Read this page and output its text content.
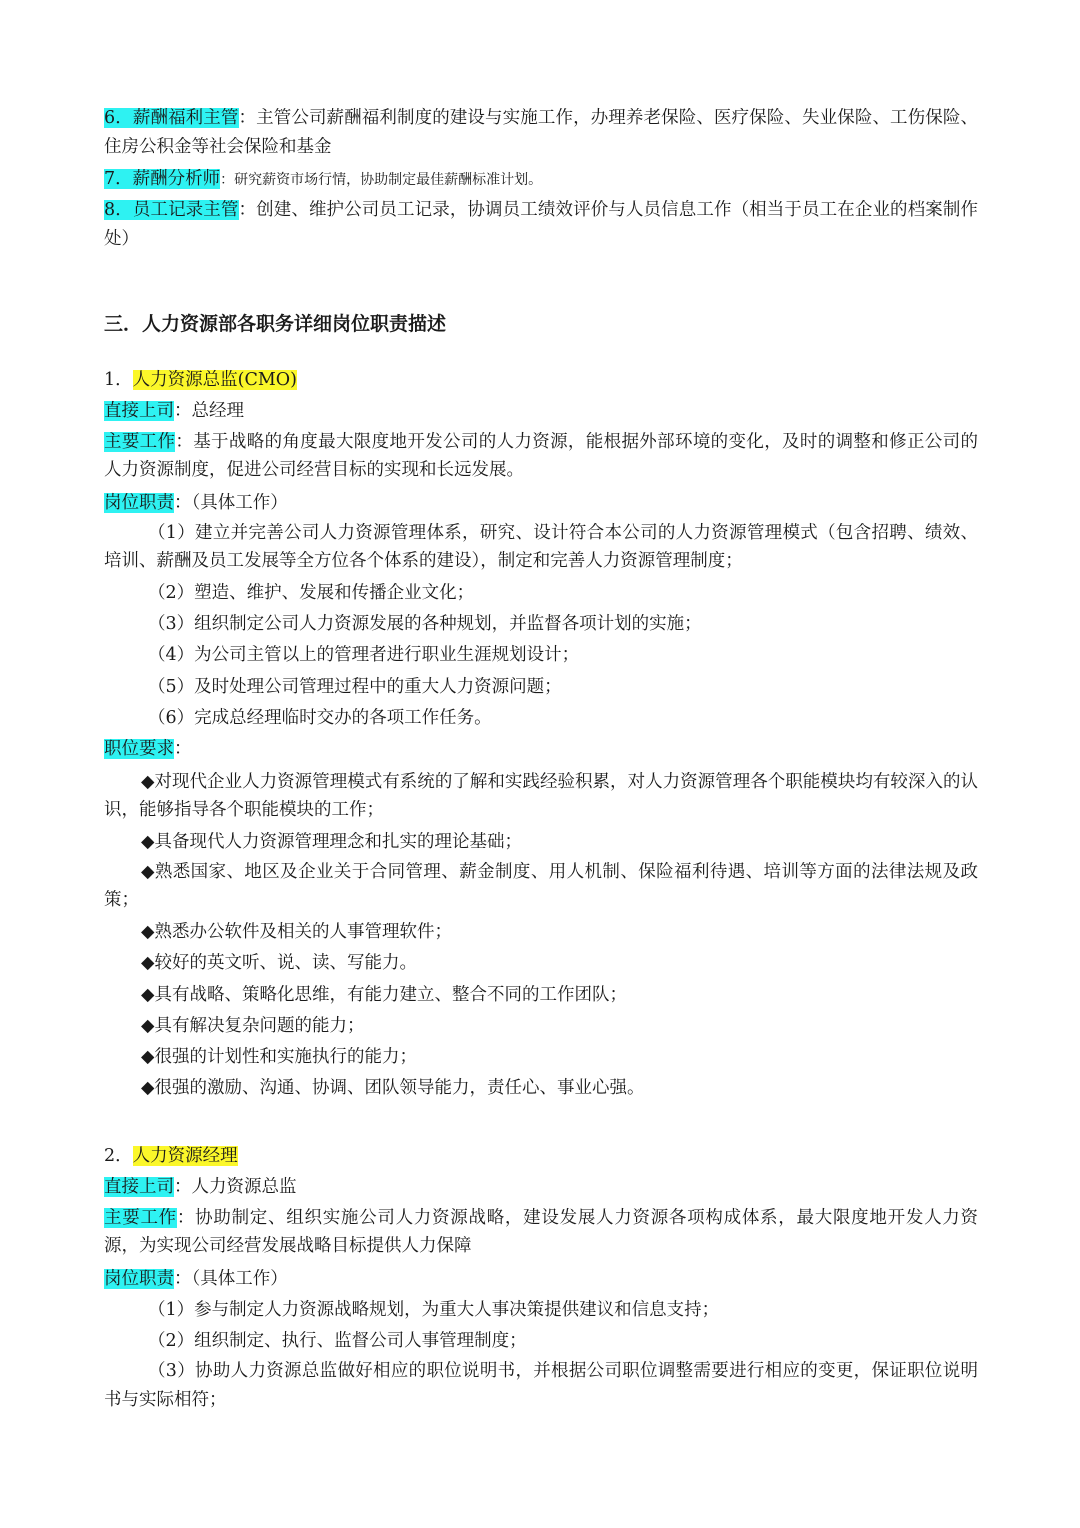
6．薪酬福利主管：主管公司薪酬福利制度的建设与实施工作，办理养老保险、医疗保险、失业保险、工伤保险、住房公积金等社会保险和基金
7．薪酬分析师：研究薪资市场行情，协助制定最佳薪酬标准计划。
8．员工记录主管：创建、维护公司员工记录，协调员工绩效评价与人员信息工作（相当于员工在企业的档案制作处）
三．人力资源部各职务详细岗位职责描述
1．人力资源总监(CMO)
直接上司：总经理
主要工作：基于战略的角度最大限度地开发公司的人力资源，能根据外部环境的变化，及时的调整和修正公司的人力资源制度，促进公司经营目标的实现和长远发展。
岗位职责：（具体工作）
（1）建立并完善公司人力资源管理体系，研究、设计符合本公司的人力资源管理模式（包含招聘、绩效、培训、薪酬及员工发展等全方位各个体系的建设），制定和完善人力资源管理制度；
（2）塑造、维护、发展和传播企业文化；
（3）组织制定公司人力资源发展的各种规划，并监督各项计划的实施；
（4）为公司主管以上的管理者进行职业生涯规划设计；
（5）及时处理公司管理过程中的重大人力资源问题；
（6）完成总经理临时交办的各项工作任务。
职位要求：
◆对现代企业人力资源管理模式有系统的了解和实践经验积累，对人力资源管理各个职能模块均有较深入的认识，能够指导各个职能模块的工作；
◆具备现代人力资源管理理念和扎实的理论基础；
◆熟悉国家、地区及企业关于合同管理、薪金制度、用人机制、保险福利待遇、培训等方面的法律法规及政策；
◆熟悉办公软件及相关的人事管理软件；
◆较好的英文听、说、读、写能力。
◆具有战略、策略化思维，有能力建立、整合不同的工作团队；
◆具有解决复杂问题的能力；
◆很强的计划性和实施执行的能力；
◆很强的激励、沟通、协调、团队领导能力，责任心、事业心强。
2．人力资源经理
直接上司：人力资源总监
主要工作：协助制定、组织实施公司人力资源战略，建设发展人力资源各项构成体系，最大限度地开发人力资源，为实现公司经营发展战略目标提供人力保障
岗位职责：（具体工作）
（1）参与制定人力资源战略规划，为重大人事决策提供建议和信息支持；
（2）组织制定、执行、监督公司人事管理制度；
（3）协助人力资源总监做好相应的职位说明书，并根据公司职位调整需要进行相应的变更，保证职位说明书与实际相符；
